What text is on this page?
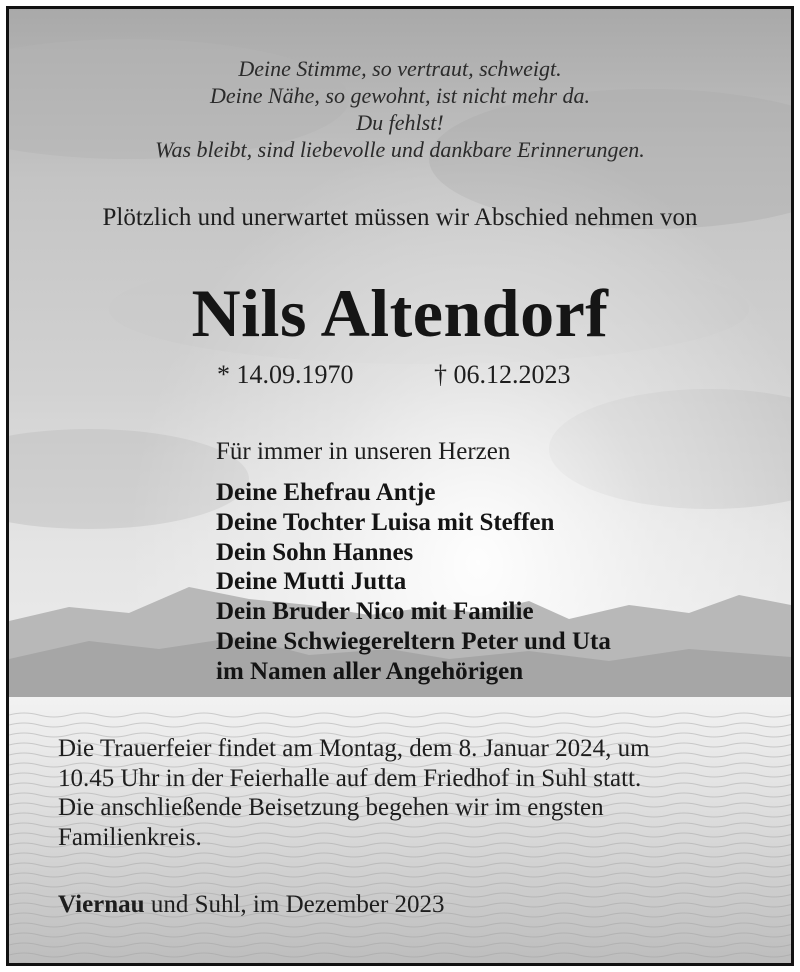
Deine Stimme, so vertraut, schweigt.
Deine Nähe, so gewohnt, ist nicht mehr da.
Du fehlst!
Was bleibt, sind liebevolle und dankbare Erinnerungen.
Plötzlich und unerwartet müssen wir Abschied nehmen von
Nils Altendorf
* 14.09.1970	† 06.12.2023
Für immer in unseren Herzen
Deine Ehefrau Antje
Deine Tochter Luisa mit Steffen
Dein Sohn Hannes
Deine Mutti Jutta
Dein Bruder Nico mit Familie
Deine Schwiegereltern Peter und Uta
im Namen aller Angehörigen
Die Trauerfeier findet am Montag, dem 8. Januar 2024, um
10.45 Uhr in der Feierhalle auf dem Friedhof in Suhl statt.
Die anschließende Beisetzung begehen wir im engsten
Familienkreis.
Viernau und Suhl, im Dezember 2023
